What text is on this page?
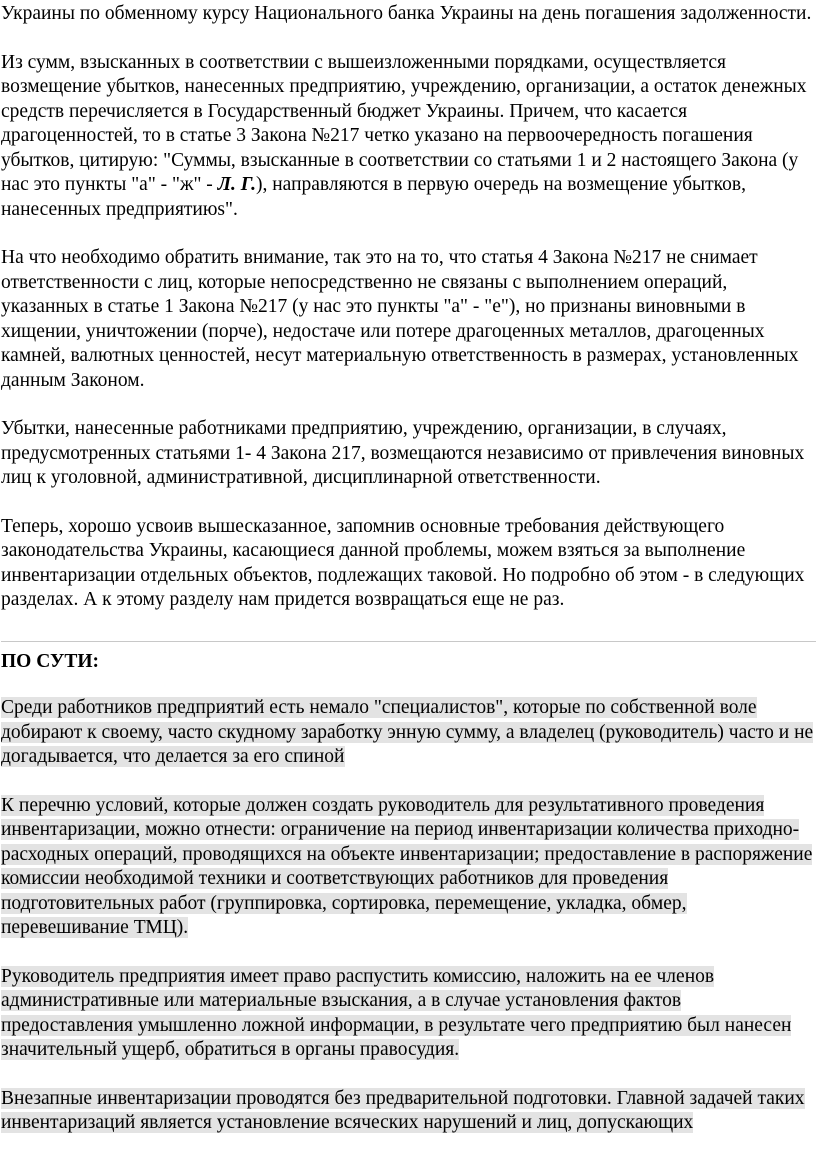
Украины по обменному курсу Национального банка Украины на день погашения задолженности.

Из сумм, взысканных в соответствии с вышеизложенными порядками, осуществляется возмещение убытков, нанесенных предприятию, учреждению, организации, а остаток денежных средств перечисляется в Государственный бюджет Украины. Причем, что касается драгоценностей, то в статье 3 Закона №217 четко указано на первоочередность погашения убытков, цитирую: "Суммы, взысканные в соответствии со статьями 1 и 2 настоящего Закона (у нас это пункты "а" - "ж" - Л. Г.), направляются в первую очередь на возмещение убытков, нанесенных предприятиюs".

На что необходимо обратить внимание, так это на то, что статья 4 Закона №217 не снимает ответственности с лиц, которые непосредственно не связаны с выполнением операций, указанных в статье 1 Закона №217 (у нас это пункты "а" - "е"), но признаны виновными в хищении, уничтожении (порче), недостаче или потере драгоценных металлов, драгоценных камней, валютных ценностей, несут материальную ответственность в размерах, установленных данным Законом.

Убытки, нанесенные работниками предприятию, учреждению, организации, в случаях, предусмотренных статьями 1- 4 Закона 217, возмещаются независимо от привлечения виновных лиц к уголовной, административной, дисциплинарной ответственности.

Теперь, хорошо усвоив вышесказанное, запомнив основные требования действующего законодательства Украины, касающиеся данной проблемы, можем взяться за выполнение инвентаризации отдельных объектов, подлежащих таковой. Но подробно об этом - в следующих разделах. А к этому разделу нам придется возвращаться еще не раз.

ПО СУТИ:

Среди работников предприятий есть немало "специалистов", которые по собственной воле добирают к своему, часто скудному заработку энную сумму, а владелец (руководитель) часто и не догадывается, что делается за его спиной

К перечню условий, которые должен создать руководитель для результативного проведения инвентаризации, можно отнести: ограничение на период инвентаризации количества приходно-расходных операций, проводящихся на объекте инвентаризации; предоставление в распоряжение комиссии необходимой техники и соответствующих работников для проведения подготовительных работ (группировка, сортировка, перемещение, укладка, обмер, перевешивание ТМЦ).

Руководитель предприятия имеет право распустить комиссию, наложить на ее членов административные или материальные взыскания, а в случае установления фактов предоставления умышленно ложной информации, в результате чего предприятию был нанесен значительный ущерб, обратиться в органы правосудия.

Внезапные инвентаризации проводятся без предварительной подготовки. Главной задачей таких инвентаризаций является установление всяческих нарушений и лиц, допускающих
